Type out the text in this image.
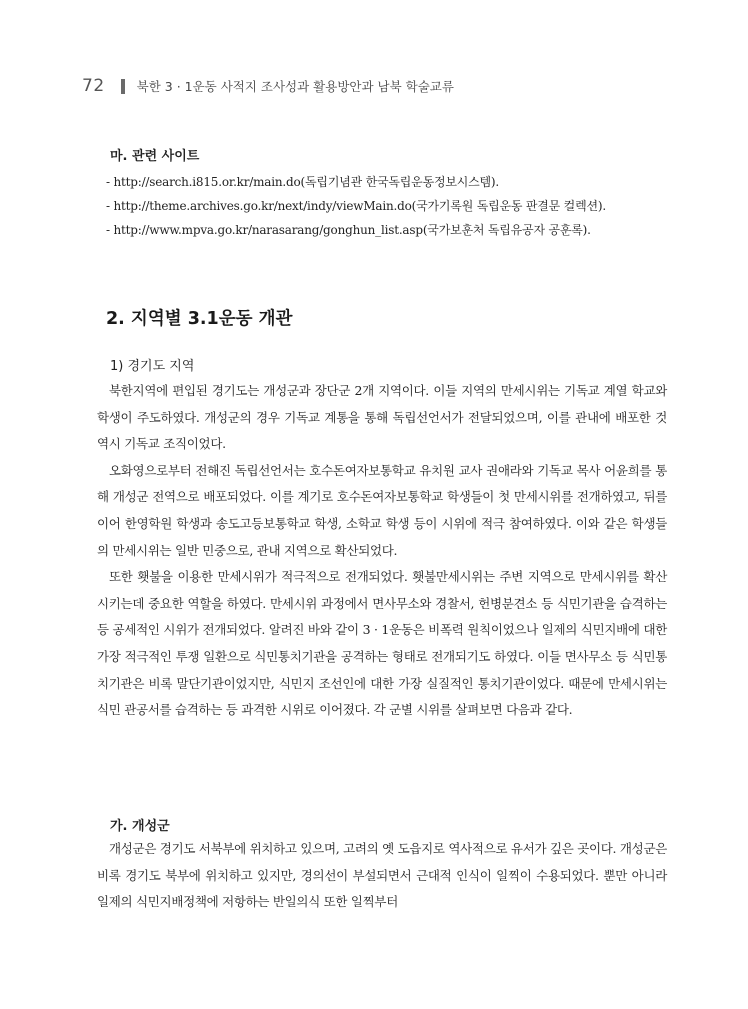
72	북한 3 · 1운동 사적지 조사성과 활용방안과 남북 학술교류
마. 관련 사이트
- http://search.i815.or.kr/main.do(독립기념관 한국독립운동정보시스템).
- http://theme.archives.go.kr/next/indy/viewMain.do(국가기록원 독립운동 판결문 컬렉션).
- http://www.mpva.go.kr/narasarang/gonghun_list.asp(국가보훈처 독립유공자 공훈록).
2. 지역별 3.1운동 개관
1) 경기도 지역

북한지역에 편입된 경기도는 개성군과 장단군 2개 지역이다. 이들 지역의 만세시위는 기독교 계열 학교와 학생이 주도하였다. 개성군의 경우 기독교 계통을 통해 독립선언서가 전달되었으며, 이를 관내에 배포한 것 역시 기독교 조직이었다.

오화영으로부터 전해진 독립선언서는 호수돈여자보통학교 유치원 교사 권애라와 기독교 목사 어윤희를 통해 개성군 전역으로 배포되었다. 이를 계기로 호수돈여자보통학교 학생들이 첫 만세시위를 전개하였고, 뒤를 이어 한영학원 학생과 송도고등보통학교 학생, 소학교 학생 등이 시위에 적극 참여하였다. 이와 같은 학생들의 만세시위는 일반 민중으로, 관내 지역으로 확산되었다.

또한 횃불을 이용한 만세시위가 적극적으로 전개되었다. 횃불만세시위는 주변 지역으로 만세시위를 확산시키는데 중요한 역할을 하였다. 만세시위 과정에서 면사무소와 경찰서, 헌병분견소 등 식민기관을 습격하는 등 공세적인 시위가 전개되었다. 알려진 바와 같이 3 · 1운동은 비폭력 원칙이었으나 일제의 식민지배에 대한 가장 적극적인 투쟁 일환으로 식민통치기관을 공격하는 형태로 전개되기도 하였다. 이들 면사무소 등 식민통치기관은 비록 말단기관이었지만, 식민지 조선인에 대한 가장 실질적인 통치기관이었다. 때문에 만세시위는 식민 관공서를 습격하는 등 과격한 시위로 이어졌다. 각 군별 시위를 살펴보면 다음과 같다.

가. 개성군

개성군은 경기도 서북부에 위치하고 있으며, 고려의 옛 도읍지로 역사적으로 유서가 깊은 곳이다. 개성군은 비록 경기도 북부에 위치하고 있지만, 경의선이 부설되면서 근대적 인식이 일찍이 수용되었다. 뿐만 아니라 일제의 식민지배정책에 저항하는 반일의식 또한 일찍부터
